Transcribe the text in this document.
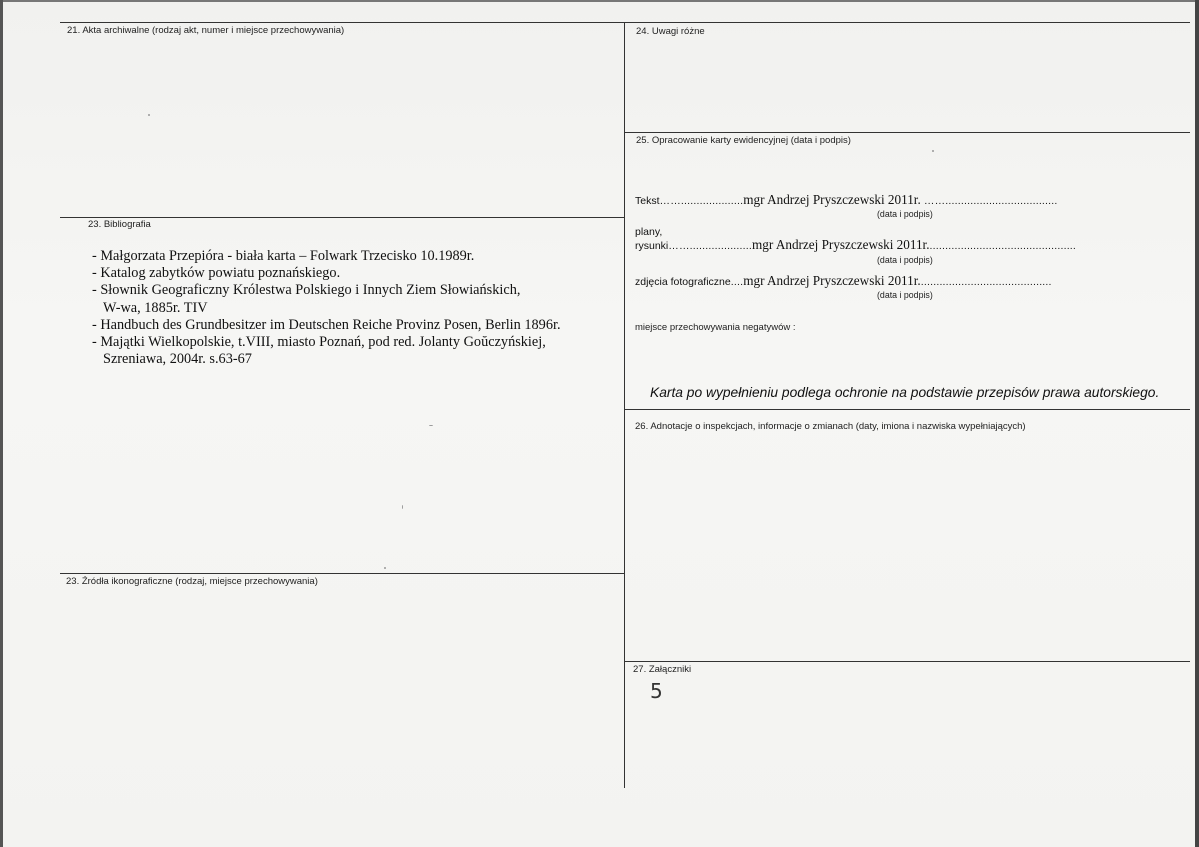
21. Akta archiwalne (rodzaj akt, numer i miejsce przechowywania)
23. Bibliografia
- Małgorzata Przepióra - biała karta – Folwark Trzecisko 10.1989r.
- Katalog zabytków powiatu poznańskiego.
- Słownik Geograficzny Królestwa Polskiego i Innych Ziem Słowiańskich,
W-wa, 1885r. TIV
- Handbuch des Grundbesitzer im Deutschen Reiche Provinz Posen, Berlin 1896r.
- Majątki Wielkopolskie, t.VIII, miasto Poznań, pod red. Jolanty Goŭczyńskiej,
Szreniawa, 2004r. s.63-67
23. Źródła ikonograficzne (rodzaj, miejsce przechowywania)
24. Uwagi różne
25. Opracowanie karty ewidencyjnej (data i podpis)
Tekst……....................mgr Andrzej Pryszczewski 2011r. ……....................................
(data i podpis)
plany,
rysunki……....................mgr Andrzej Pryszczewski 2011r................................................
(data i podpis)
zdjęcia fotograficzne....mgr Andrzej Pryszczewski 2011r...........................................
(data i podpis)
miejsce przechowywania negatywów :
Karta po wypełnieniu podlega ochronie na podstawie przepisów prawa autorskiego.
26. Adnotacje o inspekcjach, informacje o zmianach (daty, imiona i nazwiska wypełniających)
27. Załączniki
5
